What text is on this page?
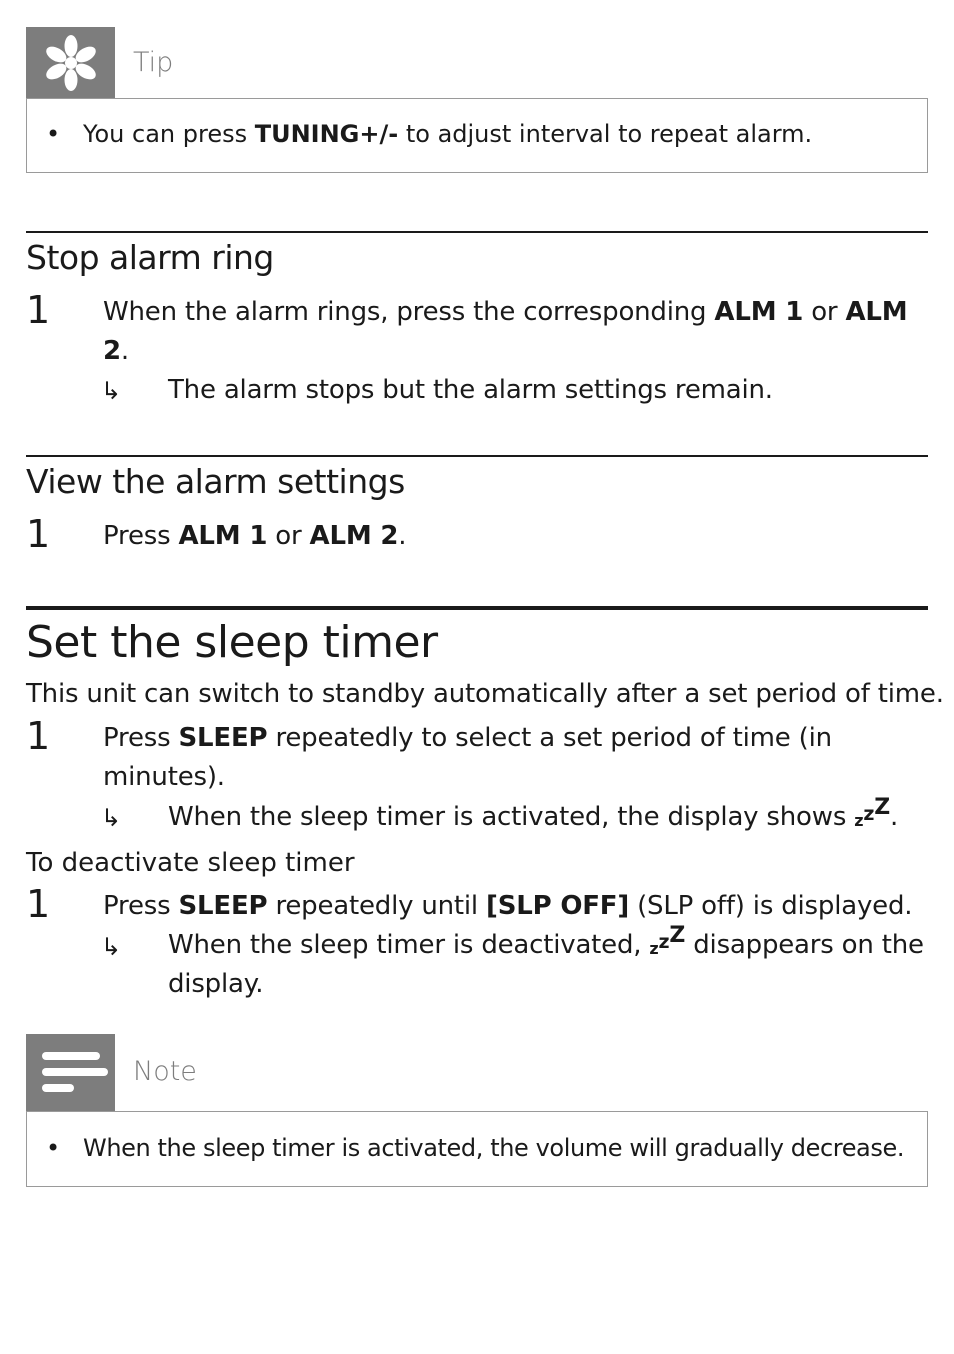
Tip
• You can press TUNING+/- to adjust interval to repeat alarm.
Stop alarm ring
1 When the alarm rings, press the corresponding ALM 1 or ALM
2.
↳ The alarm stops but the alarm settings remain.
View the alarm settings
1 Press ALM 1 or ALM 2.
Set the sleep timer
This unit can switch to standby automatically after a set period of time.
1 Press SLEEP repeatedly to select a set period of time (in
minutes).
↳ When the sleep timer is activated, the display shows zzZ.
To deactivate sleep timer
1 Press SLEEP repeatedly until [SLP OFF] (SLP off) is displayed.
↳ When the sleep timer is deactivated, zzZ disappears on the
display.
Note
• When the sleep timer is activated, the volume will gradually decrease.
